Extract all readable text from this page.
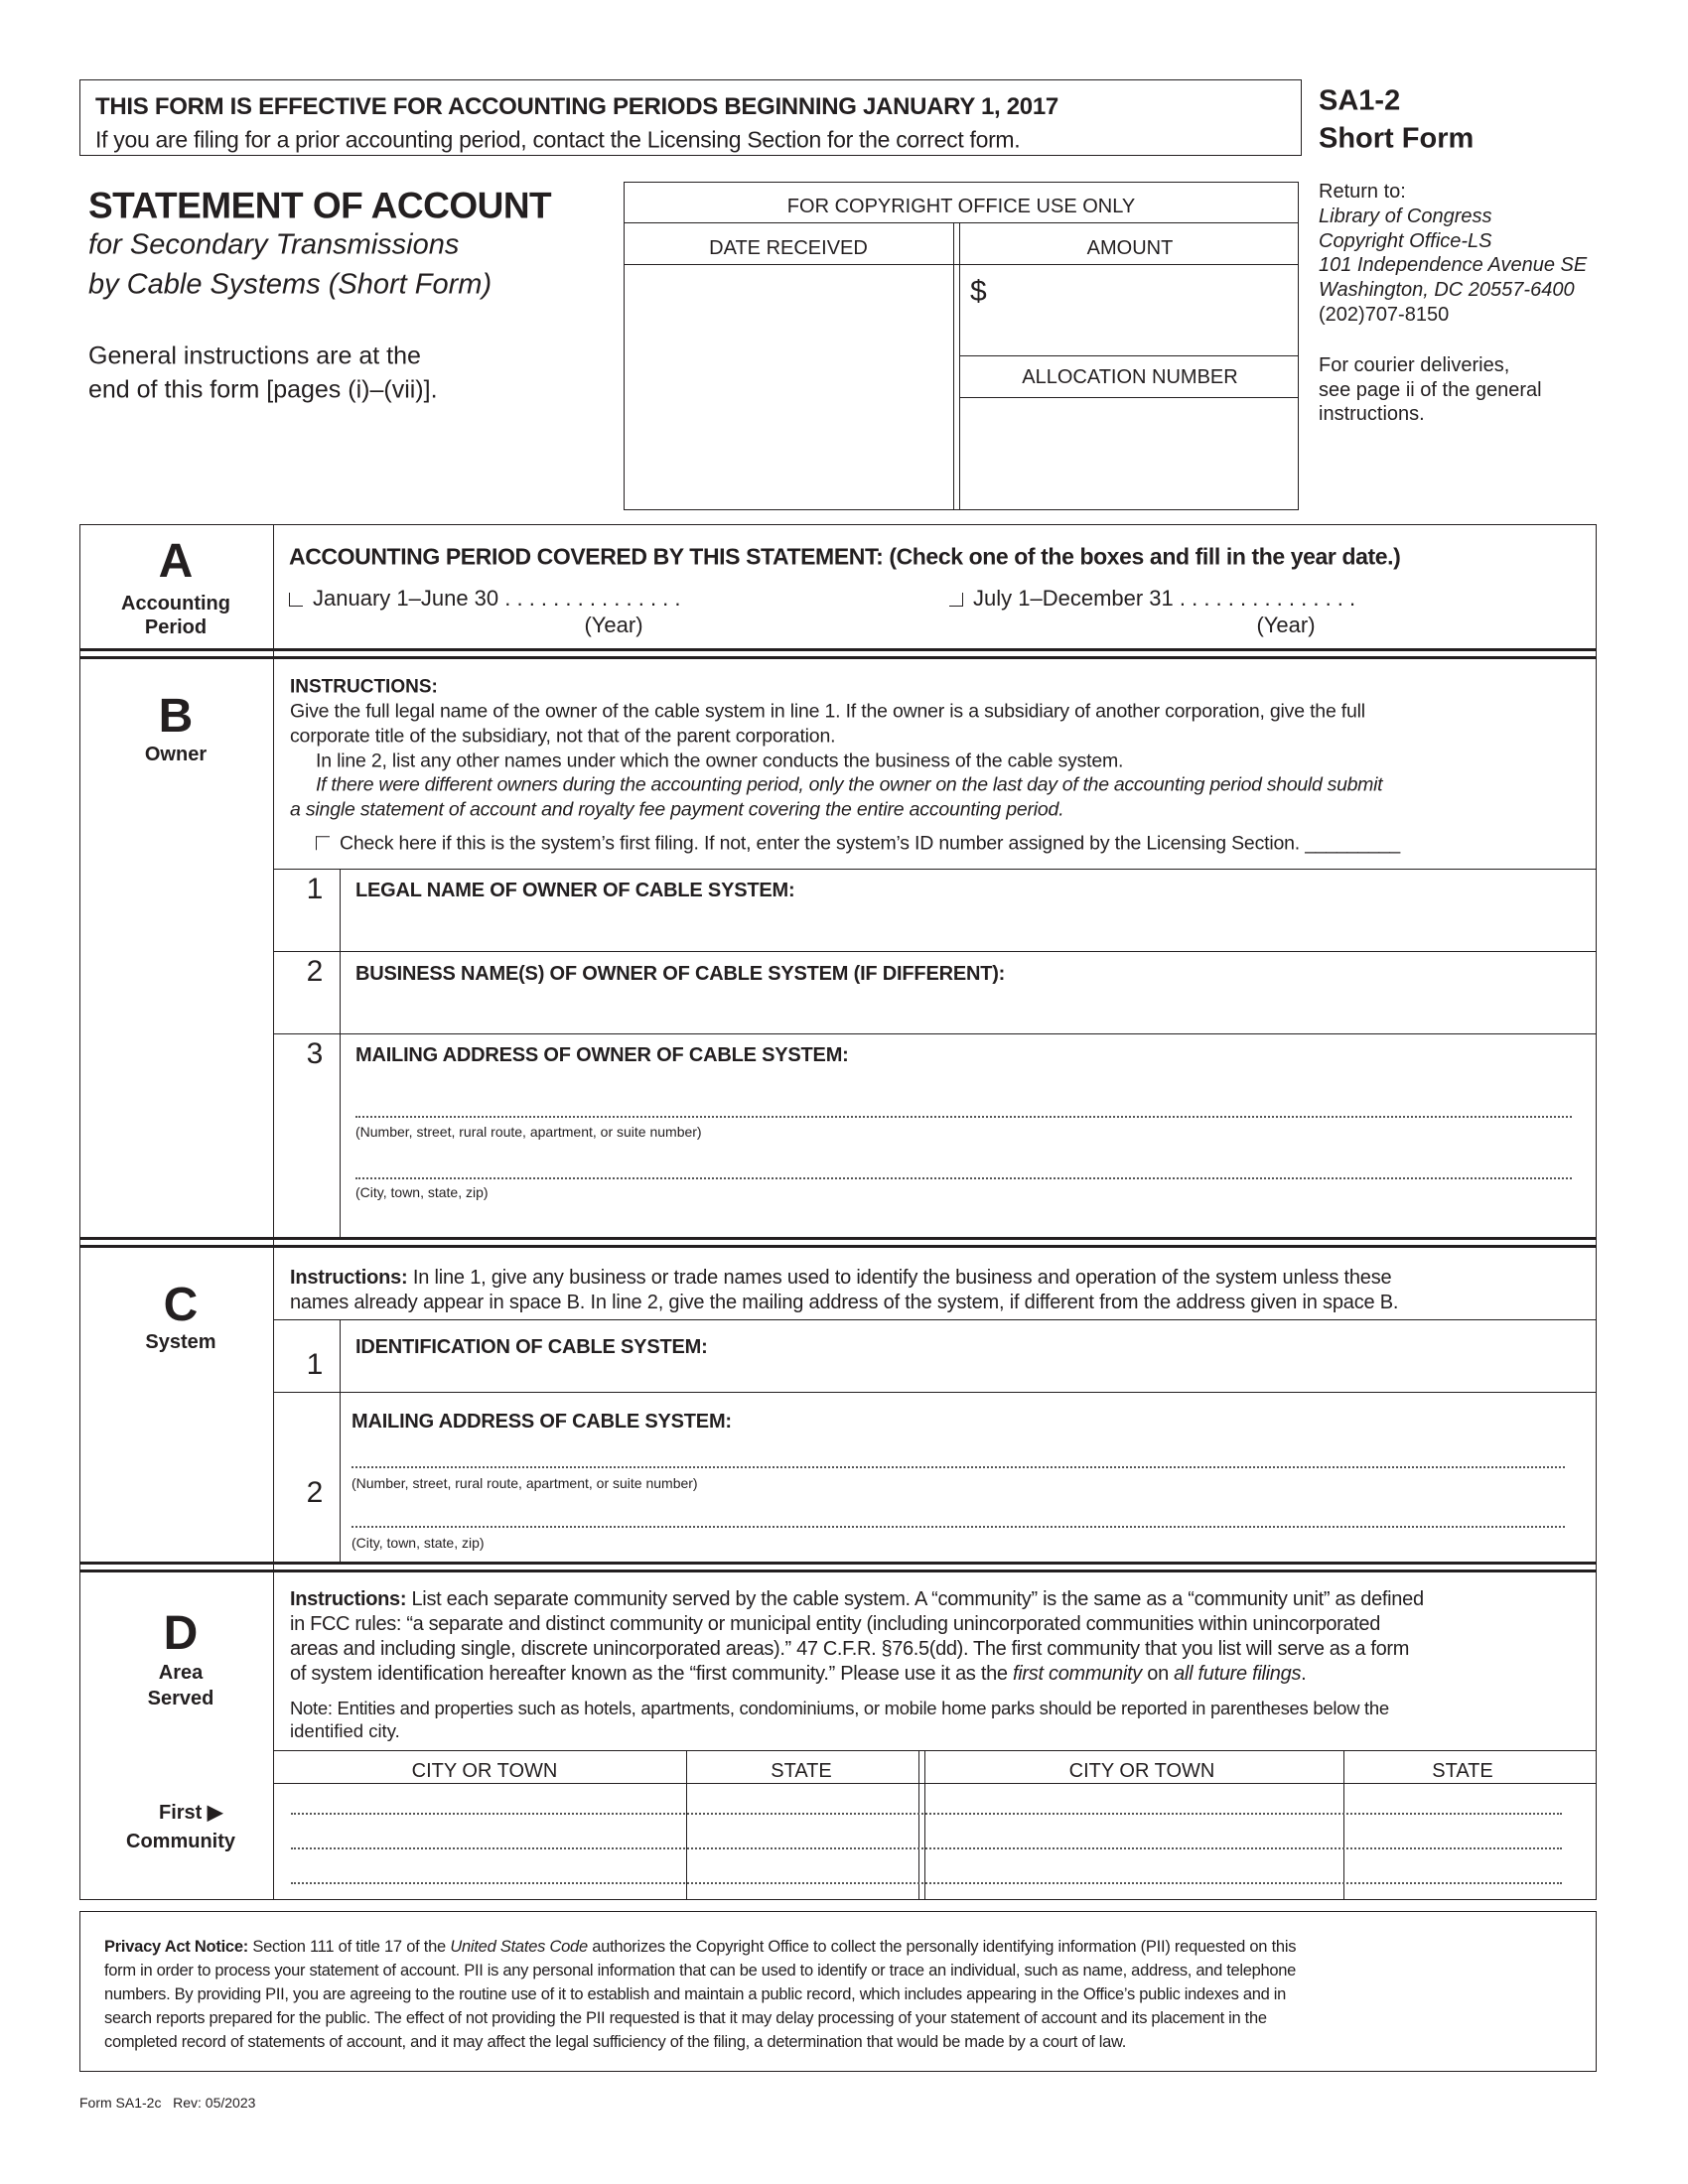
THIS FORM IS EFFECTIVE FOR ACCOUNTING PERIODS BEGINNING JANUARY 1, 2017
If you are filing for a prior accounting period, contact the Licensing Section for the correct form.
SA1-2
Short Form
STATEMENT OF ACCOUNT
for Secondary Transmissions
by Cable Systems (Short Form)
General instructions are at the
end of this form [pages (i)–(vii)].
FOR COPYRIGHT OFFICE USE ONLY
DATE RECEIVED	AMOUNT
$
ALLOCATION NUMBER
Return to:
Library of Congress
Copyright Office-LS
101 Independence Avenue SE
Washington, DC 20557-6400
(202)707-8150
For courier deliveries,
see page ii of the general
instructions.
A
Accounting
Period
ACCOUNTING PERIOD COVERED BY THIS STATEMENT: (Check one of the boxes and fill in the year date.)
January 1–June 30 . . . . . . . . . . . . . . .
(Year)
July 1–December 31 . . . . . . . . . . . . . . .
(Year)
B
Owner
INSTRUCTIONS:
Give the full legal name of the owner of the cable system in line 1. If the owner is a subsidiary of another corporation, give the full
corporate title of the subsidiary, not that of the parent corporation.
In line 2, list any other names under which the owner conducts the business of the cable system.
If there were different owners during the accounting period, only the owner on the last day of the accounting period should submit
a single statement of account and royalty fee payment covering the entire accounting period.
Check here if this is the system’s first filing. If not, enter the system’s ID number assigned by the Licensing Section. _________
1 LEGAL NAME OF OWNER OF CABLE SYSTEM:
2 BUSINESS NAME(S) OF OWNER OF CABLE SYSTEM (IF DIFFERENT):
3 MAILING ADDRESS OF OWNER OF CABLE SYSTEM:
(Number, street, rural route, apartment, or suite number)
(City, town, state, zip)
C
System
Instructions: In line 1, give any business or trade names used to identify the business and operation of the system unless these
names already appear in space B. In line 2, give the mailing address of the system, if different from the address given in space B.
1
IDENTIFICATION OF CABLE SYSTEM:
2
MAILING ADDRESS OF CABLE SYSTEM:
(Number, street, rural route, apartment, or suite number)
(City, town, state, zip)
D
Area
Served
Instructions: List each separate community served by the cable system. A “community” is the same as a “community unit” as defined
in FCC rules: “a separate and distinct community or municipal entity (including unincorporated communities within unincorporated
areas and including single, discrete unincorporated areas).” 47 C.F.R. §76.5(dd). The first community that you list will serve as a form
of system identification hereafter known as the “first community.” Please use it as the first community on all future filings.
Note: Entities and properties such as hotels, apartments, condominiums, or mobile home parks should be reported in parentheses below the
identified city.
CITY OR TOWN	STATE	CITY OR TOWN	STATE
First ▶
Community
Privacy Act Notice: Section 111 of title 17 of the United States Code authorizes the Copyright Office to collect the personally identifying information (PII) requested on this
form in order to process your statement of account. PII is any personal information that can be used to identify or trace an individual, such as name, address, and telephone
numbers. By providing PII, you are agreeing to the routine use of it to establish and maintain a public record, which includes appearing in the Office’s public indexes and in
search reports prepared for the public. The effect of not providing the PII requested is that it may delay processing of your statement of account and its placement in the
completed record of statements of account, and it may affect the legal sufficiency of the filing, a determination that would be made by a court of law.
Form SA1-2c   Rev: 05/2023
